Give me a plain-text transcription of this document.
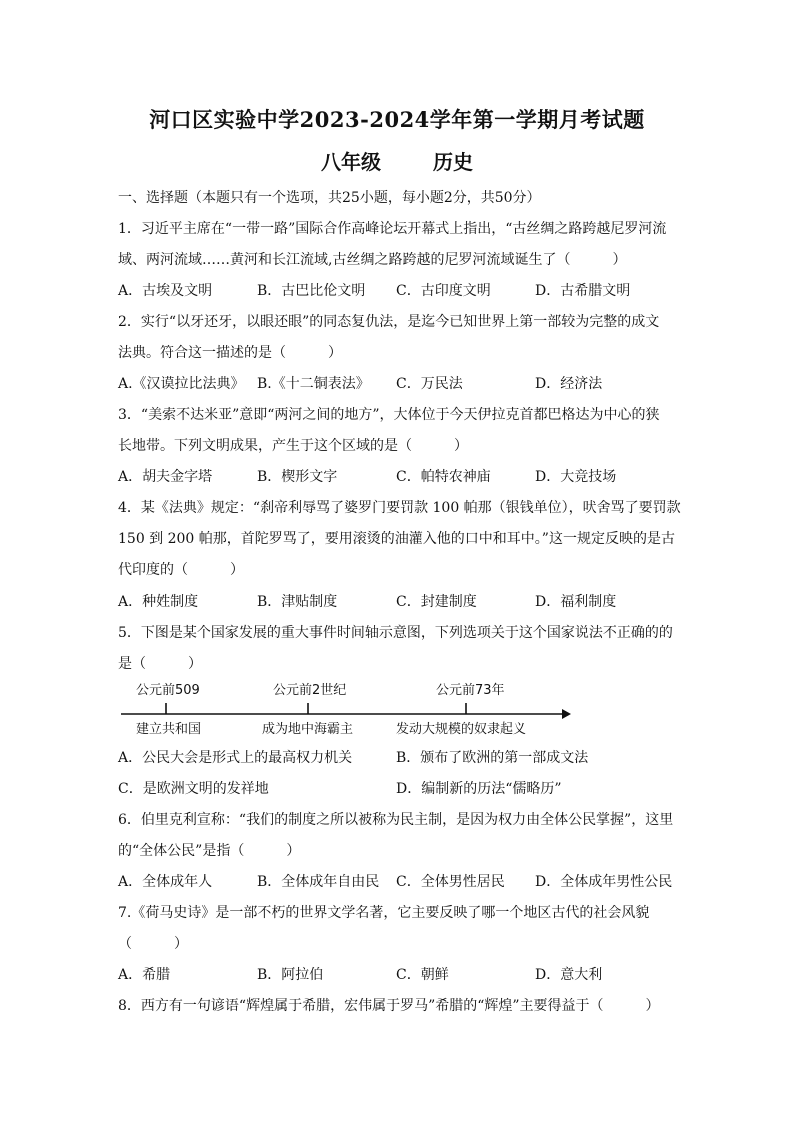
河口区实验中学2023-2024学年第一学期月考试题
八年级	历史
一、选择题（本题只有一个选项，共25小题，每小题2分，共50分）
1．习近平主席在“一带一路”国际合作高峰论坛开幕式上指出，“古丝绸之路跨越尼罗河流
域、两河流域……黄河和长江流域,古丝绸之路跨越的尼罗河流域诞生了（　　　）
A．古埃及文明	B．古巴比伦文明 C．古印度文明	D．古希腊文明
2．实行“以牙还牙，以眼还眼”的同态复仇法，是迄今已知世界上第一部较为完整的成文
法典。符合这一描述的是（　　　）
A.《汉谟拉比法典》 B.《十二铜表法》 C．万民法	D．经济法
3．“美索不达米亚”意即“两河之间的地方”，大体位于今天伊拉克首都巴格达为中心的狭
长地带。下列文明成果，产生于这个区域的是（　　　）
A．胡夫金字塔	B．楔形文字	C．帕特农神庙	D．大竞技场
4．某《法典》规定：“刹帝利辱骂了婆罗门要罚款 100 帕那（银钱单位），吠舍骂了要罚款
150 到 200 帕那，首陀罗骂了，要用滚烫的油灌入他的口中和耳中。”这一规定反映的是古
代印度的（　　　）
A．种姓制度	B．津贴制度	C．封建制度	D．福利制度
5．下图是某个国家发展的重大事件时间轴示意图，下列选项关于这个国家说法不正确的的
是（　　　）
公元前509	公元前2世纪	公元前73年
建立共和国	成为地中海霸主	发动大规模的奴隶起义
A．公民大会是形式上的最高权力机关	B．颁布了欧洲的第一部成文法
C．是欧洲文明的发祥地	D．编制新的历法“儒略历”
6．伯里克利宣称：“我们的制度之所以被称为民主制，是因为权力由全体公民掌握”，这里
的“全体公民”是指（　　　）
A．全体成年人	B．全体成年自由民 C．全体男性居民 D．全体成年男性公民
7.《荷马史诗》是一部不朽的世界文学名著，它主要反映了哪一个地区古代的社会风貌
（　　　）
A．希腊	B．阿拉伯	C．朝鲜	D．意大利
8．西方有一句谚语“辉煌属于希腊，宏伟属于罗马”希腊的“辉煌”主要得益于（　　　）
